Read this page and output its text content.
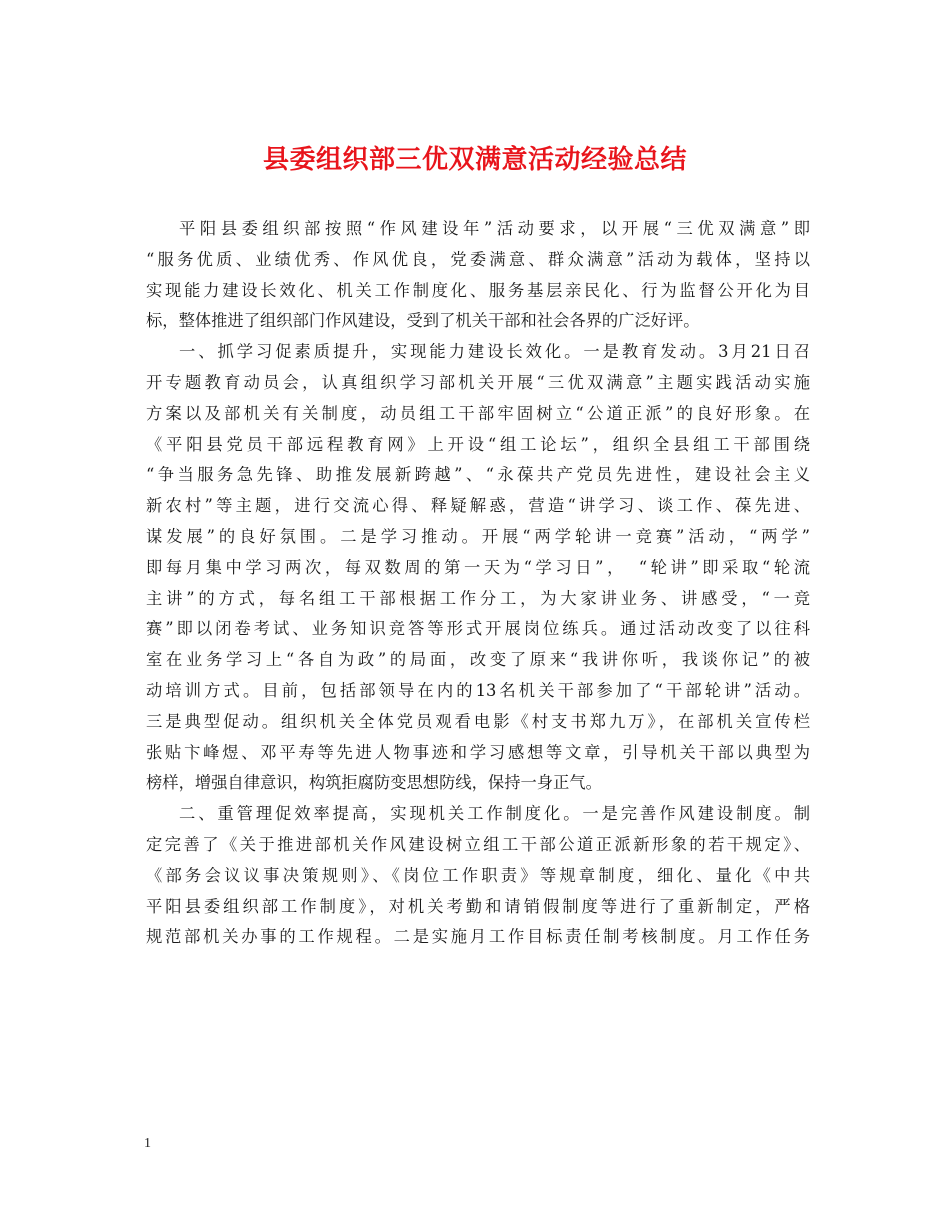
县委组织部三优双满意活动经验总结
平阳县委组织部按照“作风建设年”活动要求，以开展“三优双满意”即
“服务优质、业绩优秀、作风优良，党委满意、群众满意”活动为载体，坚持以
实现能力建设长效化、机关工作制度化、服务基层亲民化、行为监督公开化为目
标，整体推进了组织部门作风建设，受到了机关干部和社会各界的广泛好评。
一、抓学习促素质提升，实现能力建设长效化。一是教育发动。3月21日召
开专题教育动员会，认真组织学习部机关开展“三优双满意”主题实践活动实施
方案以及部机关有关制度，动员组工干部牢固树立“公道正派”的良好形象。在
《平阳县党员干部远程教育网》上开设“组工论坛”，组织全县组工干部围绕
“争当服务急先锋、助推发展新跨越”、“永葆共产党员先进性，建设社会主义
新农村”等主题，进行交流心得、释疑解惑，营造“讲学习、谈工作、葆先进、
谋发展”的良好氛围。二是学习推动。开展“两学轮讲一竞赛”活动，“两学”
即每月集中学习两次，每双数周的第一天为“学习日”，　“轮讲”即采取“轮流
主讲”的方式，每名组工干部根据工作分工，为大家讲业务、讲感受，“一竞
赛”即以闭卷考试、业务知识竞答等形式开展岗位练兵。通过活动改变了以往科
室在业务学习上“各自为政”的局面，改变了原来“我讲你听，我谈你记”的被
动培训方式。目前，包括部领导在内的13名机关干部参加了“干部轮讲”活动。
三是典型促动。组织机关全体党员观看电影《村支书郑九万》，在部机关宣传栏
张贴卞峰煜、邓平寿等先进人物事迹和学习感想等文章，引导机关干部以典型为
榜样，增强自律意识，构筑拒腐防变思想防线，保持一身正气。
二、重管理促效率提高，实现机关工作制度化。一是完善作风建设制度。制
定完善了《关于推进部机关作风建设树立组工干部公道正派新形象的若干规定》、
《部务会议议事决策规则》、《岗位工作职责》等规章制度，细化、量化《中共
平阳县委组织部工作制度》，对机关考勤和请销假制度等进行了重新制定，严格
规范部机关办事的工作规程。二是实施月工作目标责任制考核制度。月工作任务
1
